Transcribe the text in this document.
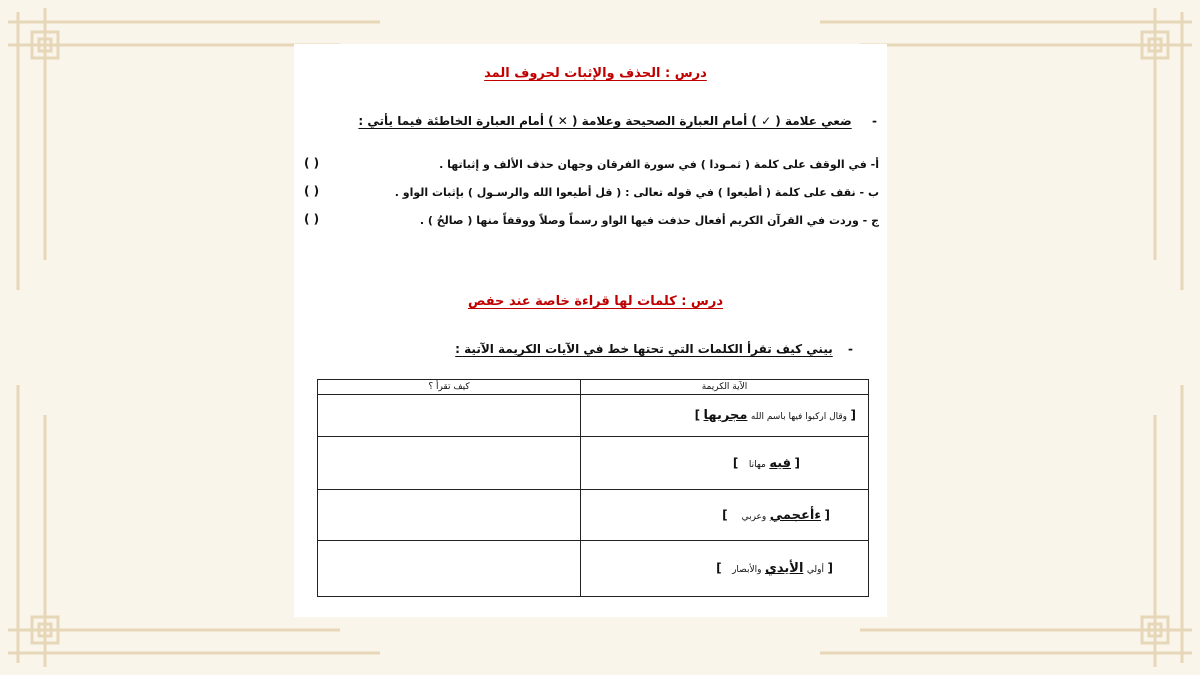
درس : الحذف والإثبات لحروف المد
-    ضعي علامة ( ✓ ) أمام العبارة الصحيحة وعلامة ( ✕ ) أمام العبارة الخاطئة فيما يأتي :
أ- في الوقف على كلمة ( ثمـودا ) في سورة الفرقان وجهان حذف الألف و إثباتها .
( )
ب - نقف على كلمة ( أطيعوا ) في قوله تعالى : ( قل أطيعوا الله والرسـول ) بإثبات الواو .
( )
ج - وردت في القرآن الكريم أفعال حذفت فيها الواو رسماً وصلاً ووقفاً منها ( صالحُ ) .
( )
درس : كلمات لها قراءة خاصة عند حفص
-   بيني كيف تقرأ الكلمات التي تحتها خط في الآيات الكريمة الآتية :
الآية الكريمة	كيف تقرأ ؟
[ وقال اركبوا فيها باسم الله مجريها ]	
[ فيه مهانا   ]	
[ ءأعجمي وعربي    ]	
[ أولي الأيدي والأبصار   ]	
